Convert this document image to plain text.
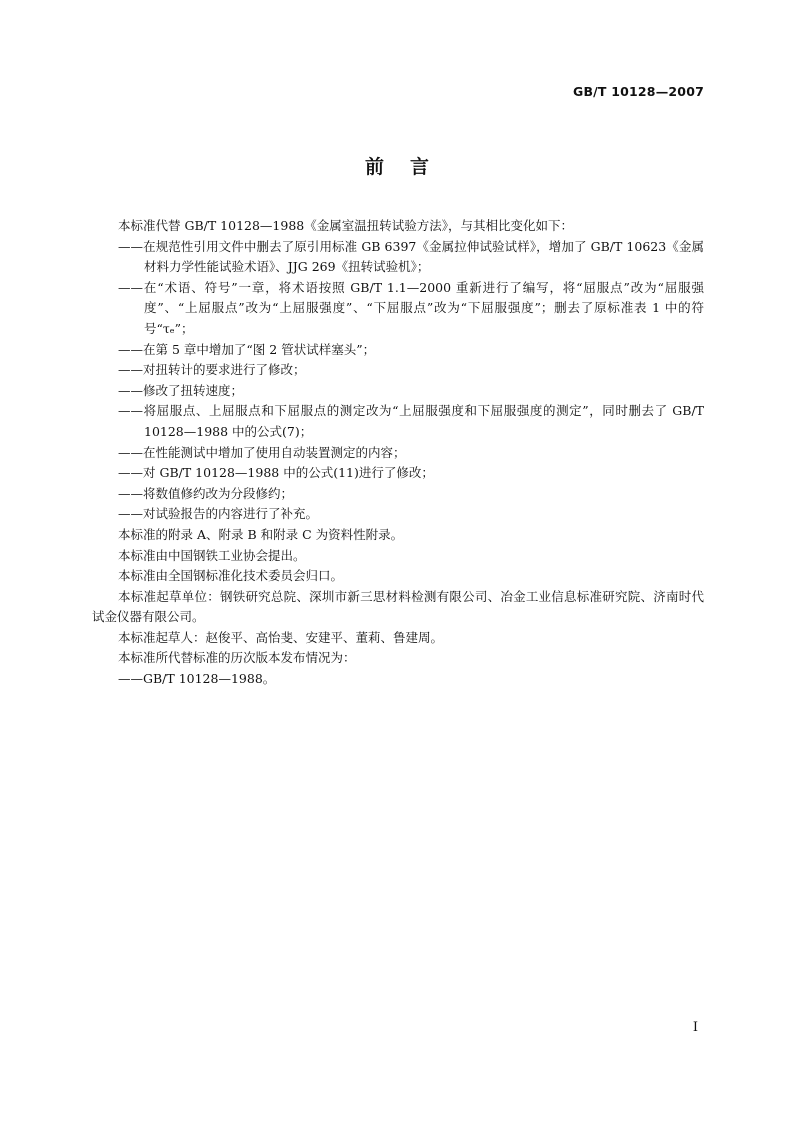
GB/T 10128—2007
前言

本标准代替 GB/T 10128—1988《金属室温扭转试验方法》，与其相比变化如下：

——在规范性引用文件中删去了原引用标准 GB 6397《金属拉伸试验试样》，增加了 GB/T 10623《金属材料力学性能试验术语》、JJG 269《扭转试验机》；

——在“术语、符号”一章，将术语按照 GB/T 1.1—2000 重新进行了编写，将“屈服点”改为“屈服强度”、“上屈服点”改为“上屈服强度”、“下屈服点”改为“下屈服强度”；删去了原标准表 1 中的符号“τₑ”；

——在第 5 章中增加了“图 2 管状试样塞头”；

——对扭转计的要求进行了修改；

——修改了扭转速度；

——将屈服点、上屈服点和下屈服点的测定改为“上屈服强度和下屈服强度的测定”，同时删去了 GB/T 10128—1988 中的公式(7)；

——在性能测试中增加了使用自动装置测定的内容；

——对 GB/T 10128—1988 中的公式(11)进行了修改；

——将数值修约改为分段修约；

——对试验报告的内容进行了补充。

本标准的附录 A、附录 B 和附录 C 为资料性附录。

本标准由中国钢铁工业协会提出。

本标准由全国钢标准化技术委员会归口。

本标准起草单位：钢铁研究总院、深圳市新三思材料检测有限公司、冶金工业信息标准研究院、济南时代试金仪器有限公司。

本标准起草人：赵俊平、高怡斐、安建平、董莉、鲁建周。

本标准所代替标准的历次版本发布情况为：

——GB/T 10128—1988。

I
